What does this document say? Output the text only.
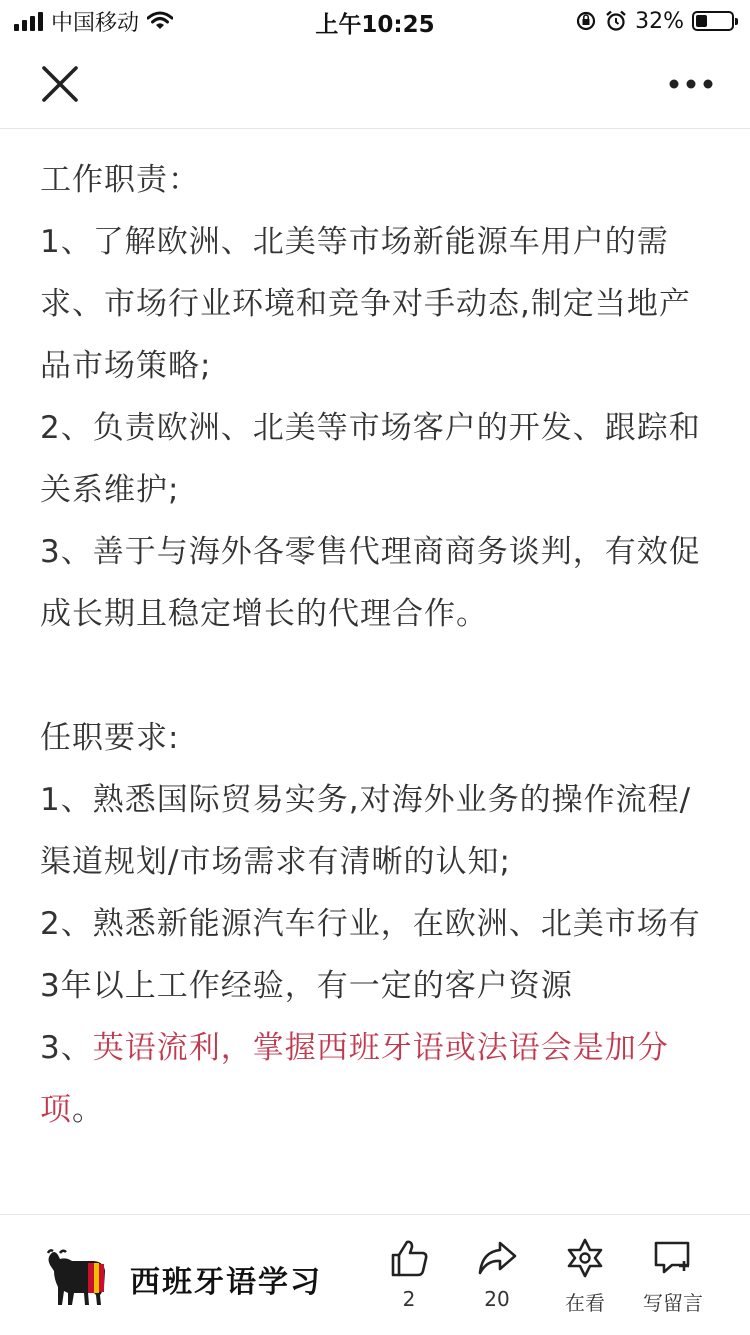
中国移动	上午10:25	32%

工作职责：

1、了解欧洲、北美等市场新能源车用户的需求、市场行业环境和竞争对手动态,制定当地产品市场策略;

2、负责欧洲、北美等市场客户的开发、跟踪和关系维护;

3、善于与海外各零售代理商商务谈判，有效促成长期且稳定增长的代理合作。

任职要求:

1、熟悉国际贸易实务,对海外业务的操作流程/渠道规划/市场需求有清晰的认知;

2、熟悉新能源汽车行业，在欧洲、北美市场有3年以上工作经验，有一定的客户资源

3、英语流利，掌握西班牙语或法语会是加分项。

西班牙语学习	2	20	在看	写留言
